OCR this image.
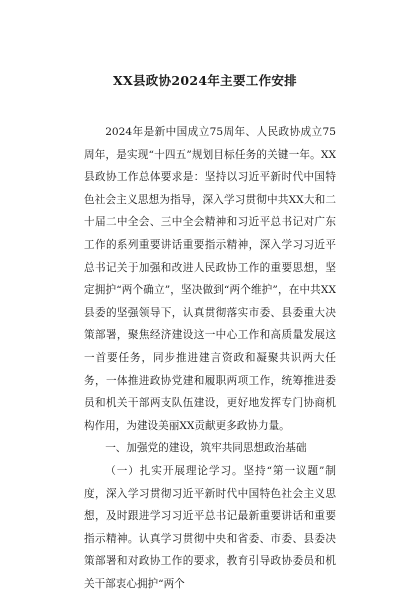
XX县政协2024年主要工作安排

2024年是新中国成立75周年、人民政协成立75周年，是实现“十四五”规划目标任务的关键一年。XX县政协工作总体要求是：坚持以习近平新时代中国特色社会主义思想为指导，深入学习贯彻中共XX大和二十届二中全会、三中全会精神和习近平总书记对广东工作的系列重要讲话重要指示精神，深入学习习近平总书记关于加强和改进人民政协工作的重要思想，坚定拥护“两个确立”，坚决做到“两个维护”，在中共XX县委的坚强领导下，认真贯彻落实市委、县委重大决策部署，聚焦经济建设这一中心工作和高质量发展这一首要任务，同步推进建言资政和凝聚共识两大任务，一体推进政协党建和履职两项工作，统筹推进委员和机关干部两支队伍建设，更好地发挥专门协商机构作用，为建设美丽XX贡献更多政协力量。

一、加强党的建设，筑牢共同思想政治基础

（一）扎实开展理论学习。坚持“第一议题”制度，深入学习贯彻习近平新时代中国特色社会主义思想，及时跟进学习习近平总书记最新重要讲话和重要指示精神。认真学习贯彻中央和省委、市委、县委决策部署和对政协工作的要求，教育引导政协委员和机关干部衷心拥护“两个
